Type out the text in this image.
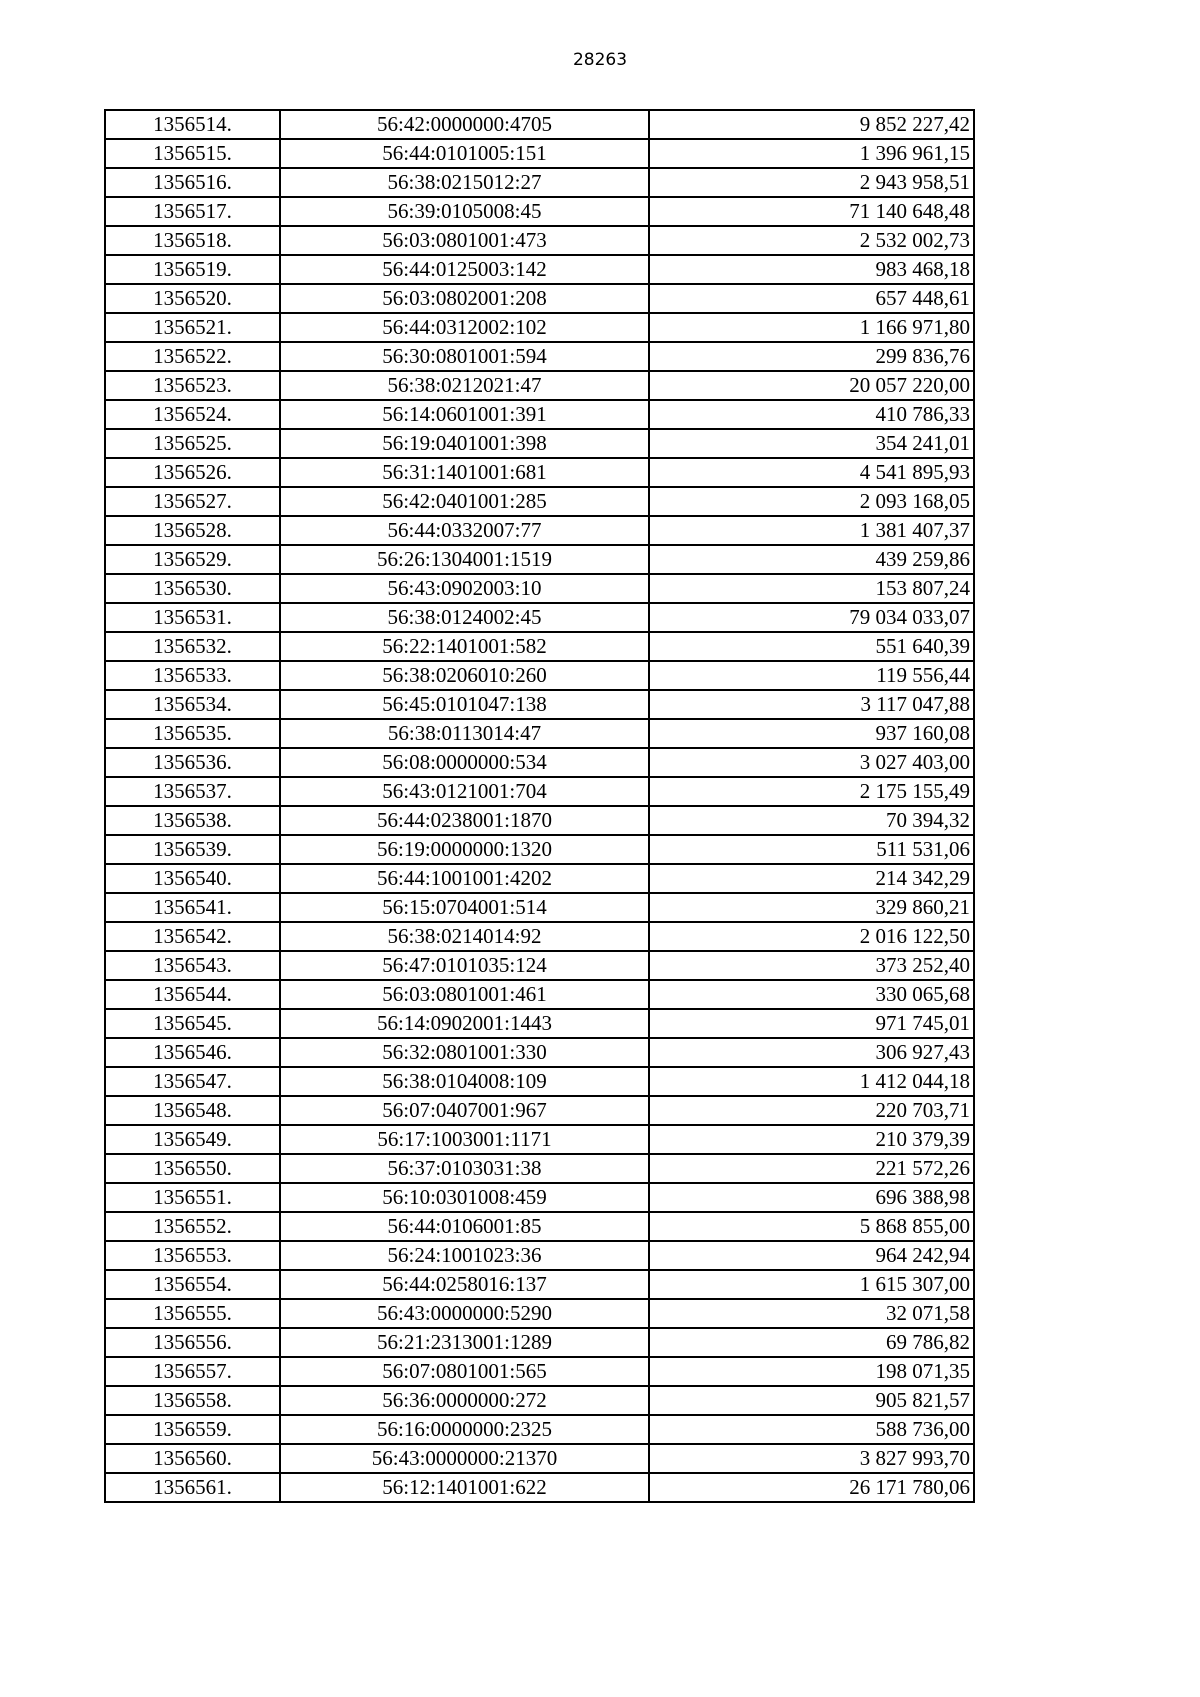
28263
1356514.	56:42:0000000:4705	9 852 227,42
1356515.	56:44:0101005:151	1 396 961,15
1356516.	56:38:0215012:27	2 943 958,51
1356517.	56:39:0105008:45	71 140 648,48
1356518.	56:03:0801001:473	2 532 002,73
1356519.	56:44:0125003:142	983 468,18
1356520.	56:03:0802001:208	657 448,61
1356521.	56:44:0312002:102	1 166 971,80
1356522.	56:30:0801001:594	299 836,76
1356523.	56:38:0212021:47	20 057 220,00
1356524.	56:14:0601001:391	410 786,33
1356525.	56:19:0401001:398	354 241,01
1356526.	56:31:1401001:681	4 541 895,93
1356527.	56:42:0401001:285	2 093 168,05
1356528.	56:44:0332007:77	1 381 407,37
1356529.	56:26:1304001:1519	439 259,86
1356530.	56:43:0902003:10	153 807,24
1356531.	56:38:0124002:45	79 034 033,07
1356532.	56:22:1401001:582	551 640,39
1356533.	56:38:0206010:260	119 556,44
1356534.	56:45:0101047:138	3 117 047,88
1356535.	56:38:0113014:47	937 160,08
1356536.	56:08:0000000:534	3 027 403,00
1356537.	56:43:0121001:704	2 175 155,49
1356538.	56:44:0238001:1870	70 394,32
1356539.	56:19:0000000:1320	511 531,06
1356540.	56:44:1001001:4202	214 342,29
1356541.	56:15:0704001:514	329 860,21
1356542.	56:38:0214014:92	2 016 122,50
1356543.	56:47:0101035:124	373 252,40
1356544.	56:03:0801001:461	330 065,68
1356545.	56:14:0902001:1443	971 745,01
1356546.	56:32:0801001:330	306 927,43
1356547.	56:38:0104008:109	1 412 044,18
1356548.	56:07:0407001:967	220 703,71
1356549.	56:17:1003001:1171	210 379,39
1356550.	56:37:0103031:38	221 572,26
1356551.	56:10:0301008:459	696 388,98
1356552.	56:44:0106001:85	5 868 855,00
1356553.	56:24:1001023:36	964 242,94
1356554.	56:44:0258016:137	1 615 307,00
1356555.	56:43:0000000:5290	32 071,58
1356556.	56:21:2313001:1289	69 786,82
1356557.	56:07:0801001:565	198 071,35
1356558.	56:36:0000000:272	905 821,57
1356559.	56:16:0000000:2325	588 736,00
1356560.	56:43:0000000:21370	3 827 993,70
1356561.	56:12:1401001:622	26 171 780,06
